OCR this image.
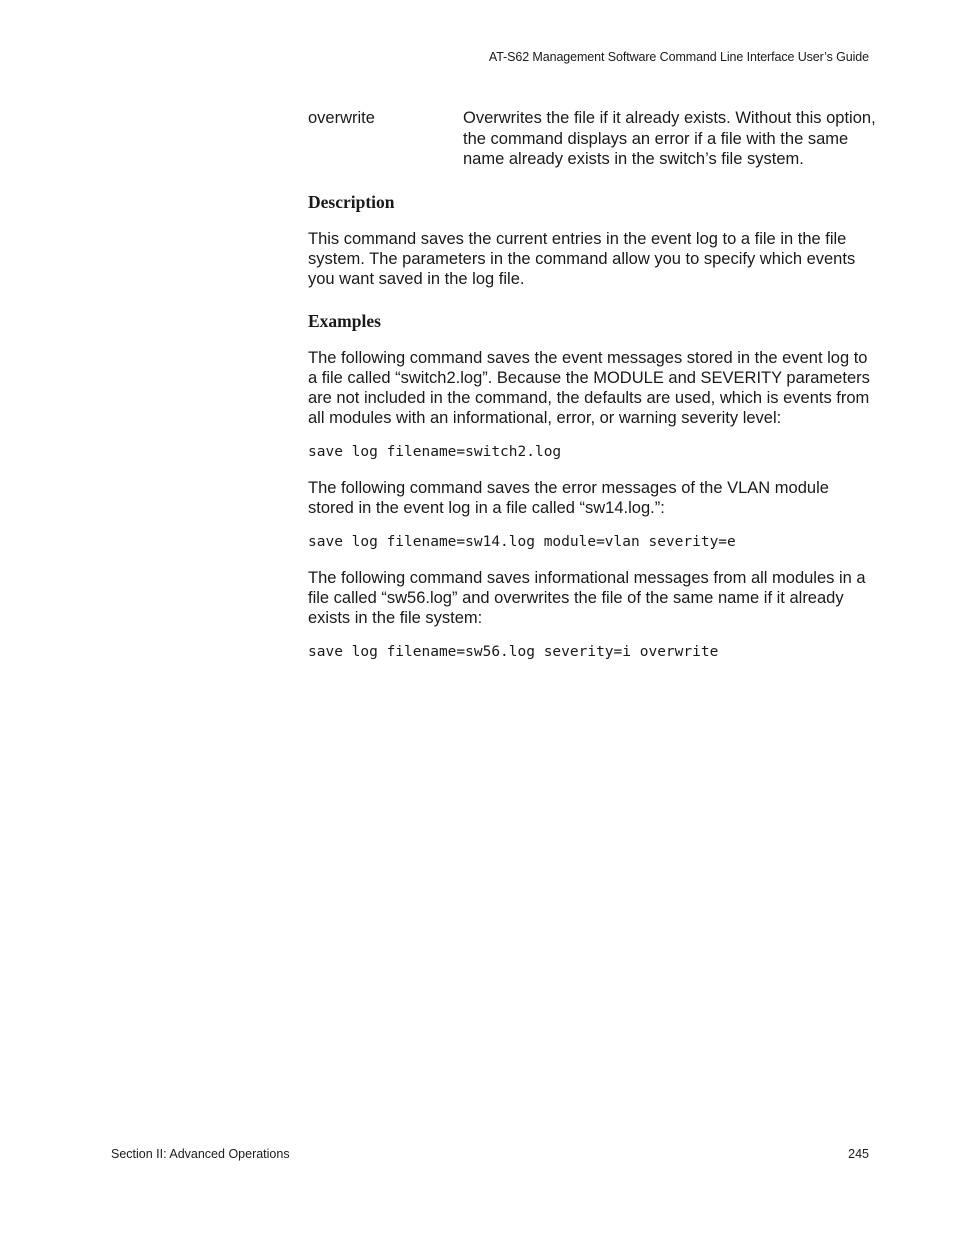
AT-S62 Management Software Command Line Interface User’s Guide
overwrite	Overwrites the file if it already exists. Without this option, the command displays an error if a file with the same name already exists in the switch’s file system.
Description

This command saves the current entries in the event log to a file in the file system. The parameters in the command allow you to specify which events you want saved in the log file.

Examples

The following command saves the event messages stored in the event log to a file called “switch2.log”. Because the MODULE and SEVERITY parameters are not included in the command, the defaults are used, which is events from all modules with an informational, error, or warning severity level:

save log filename=switch2.log

The following command saves the error messages of the VLAN module stored in the event log in a file called “sw14.log.”:

save log filename=sw14.log module=vlan severity=e

The following command saves informational messages from all modules in a file called “sw56.log” and overwrites the file of the same name if it already exists in the file system:

save log filename=sw56.log severity=i overwrite
Section II: Advanced Operations	245
